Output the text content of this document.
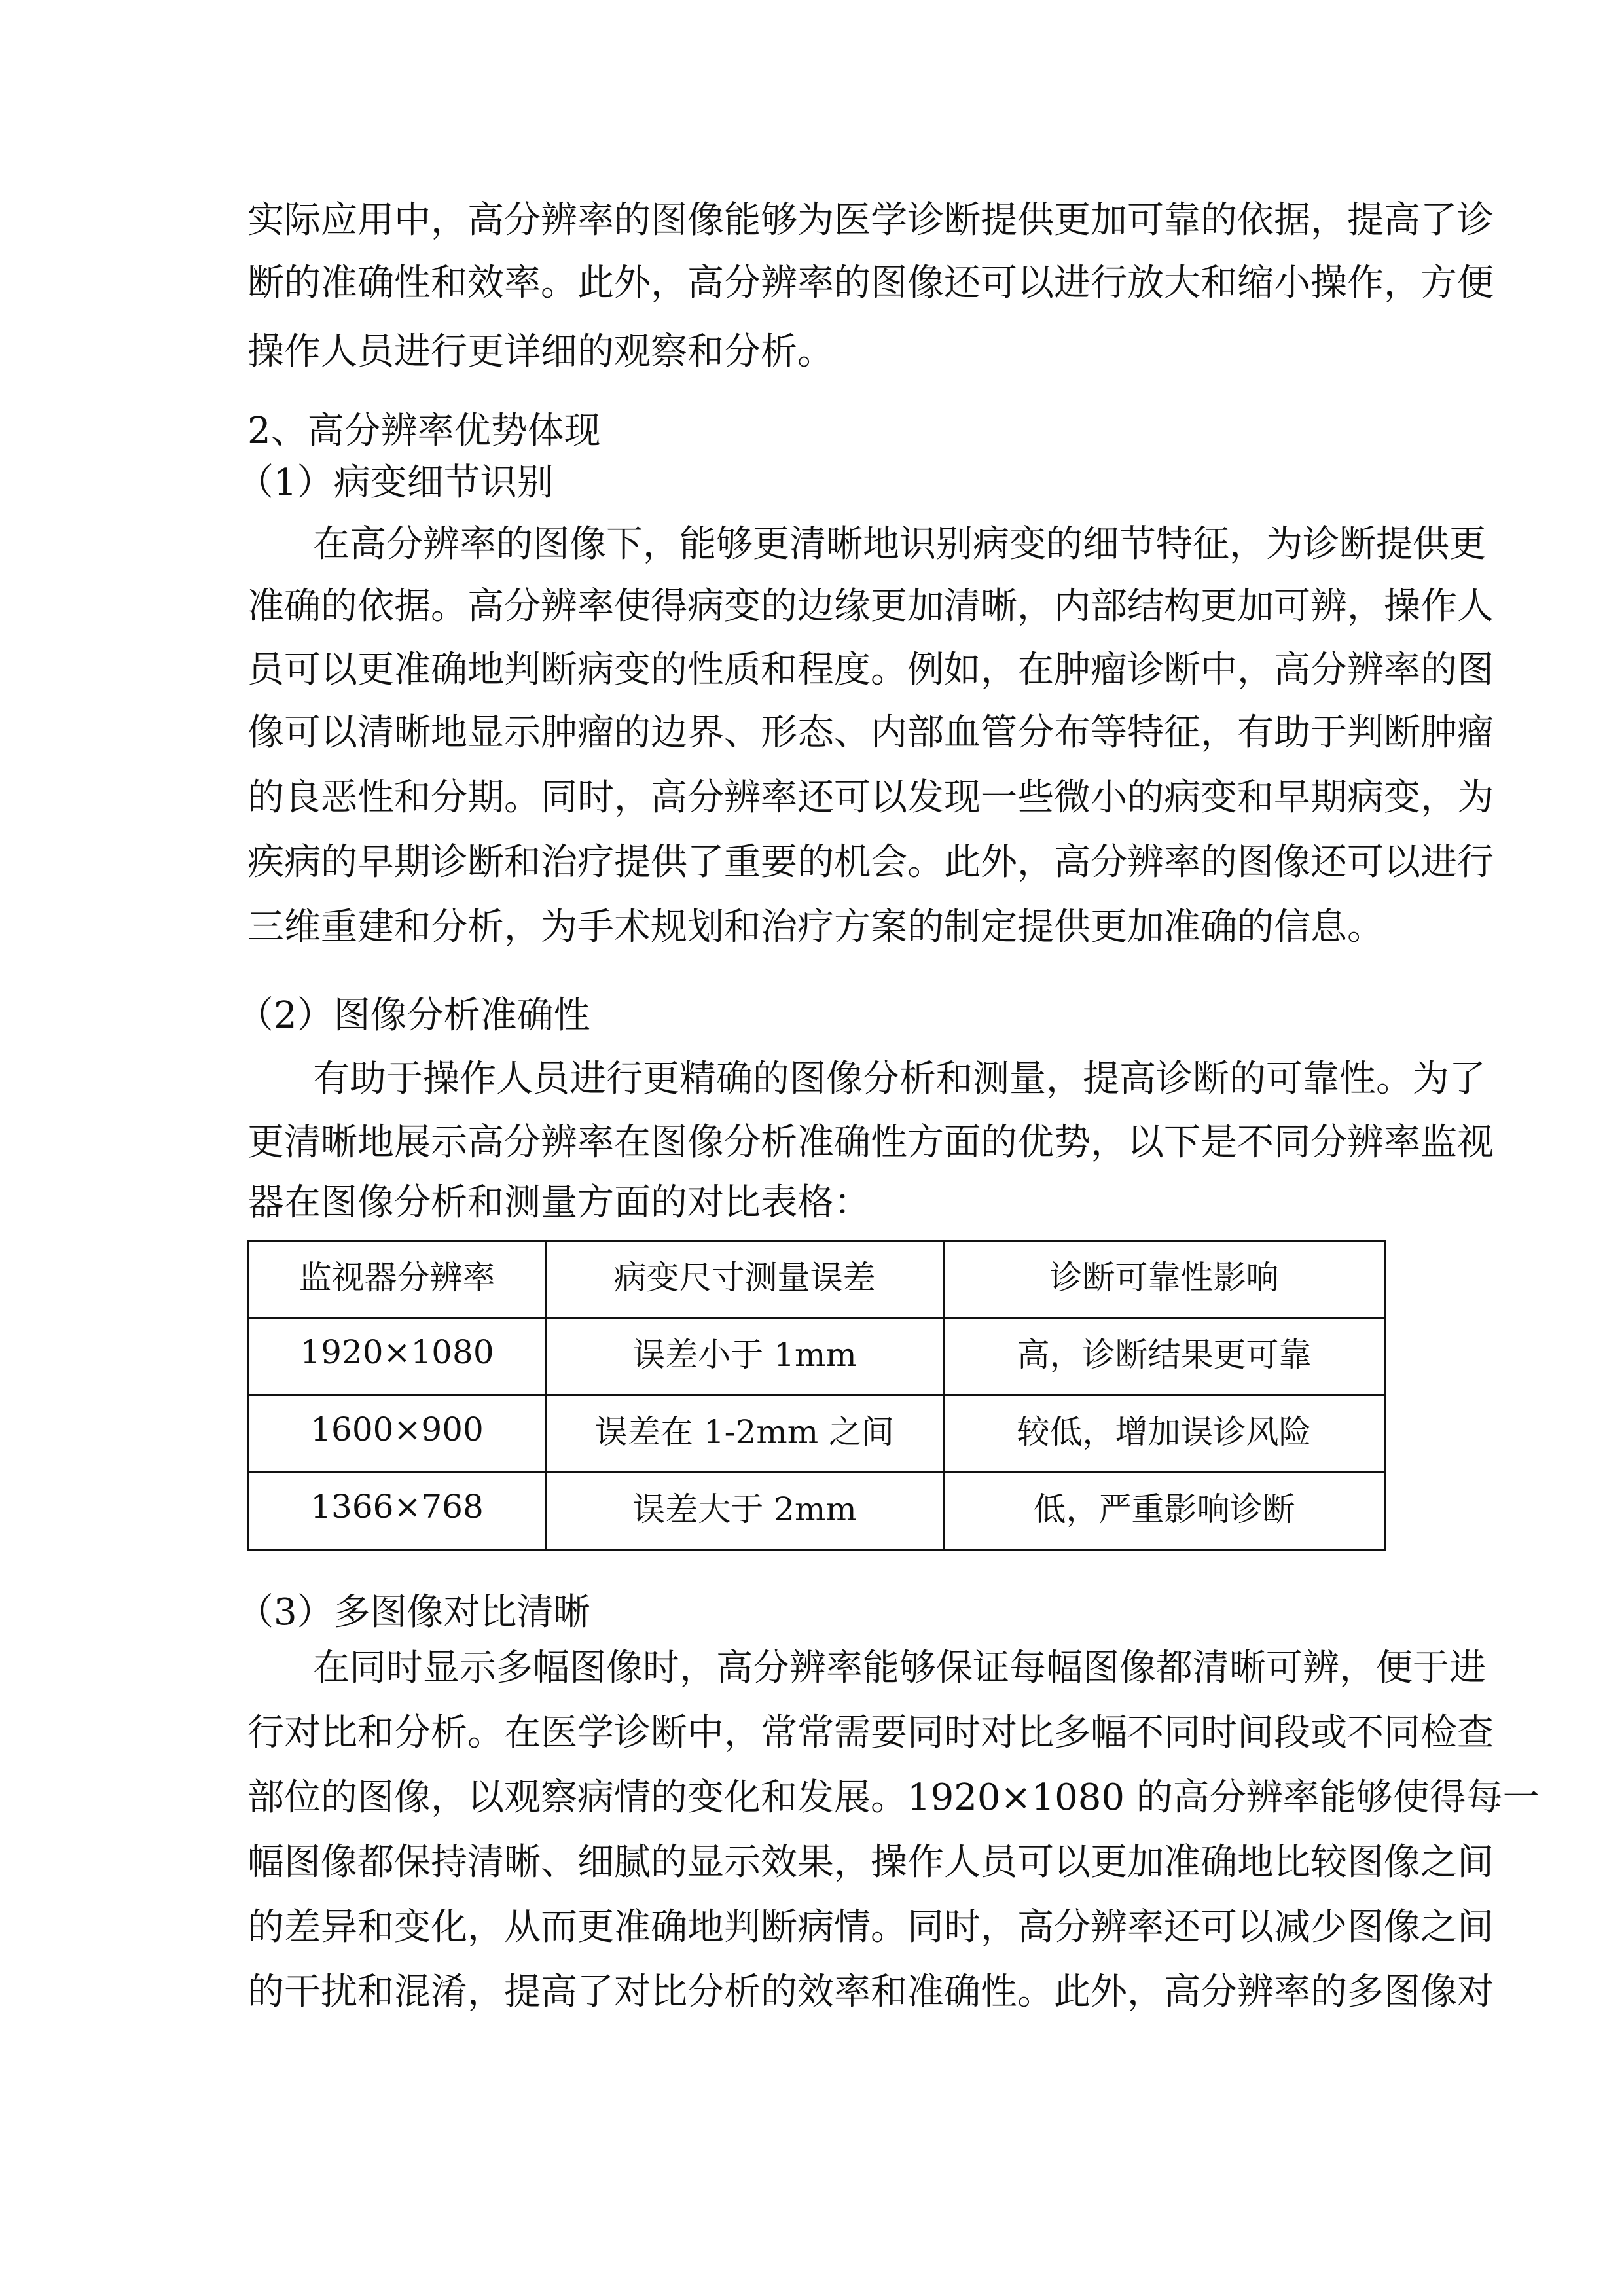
实际应用中，高分辨率的图像能够为医学诊断提供更加可靠的依据，提高了诊
断的准确性和效率。此外，高分辨率的图像还可以进行放大和缩小操作，方便
操作人员进行更详细的观察和分析。
2、高分辨率优势体现
（1）病变细节识别
在高分辨率的图像下，能够更清晰地识别病变的细节特征，为诊断提供更
准确的依据。高分辨率使得病变的边缘更加清晰，内部结构更加可辨，操作人
员可以更准确地判断病变的性质和程度。例如，在肿瘤诊断中，高分辨率的图
像可以清晰地显示肿瘤的边界、形态、内部血管分布等特征，有助于判断肿瘤
的良恶性和分期。同时，高分辨率还可以发现一些微小的病变和早期病变，为
疾病的早期诊断和治疗提供了重要的机会。此外，高分辨率的图像还可以进行
三维重建和分析，为手术规划和治疗方案的制定提供更加准确的信息。
（2）图像分析准确性
有助于操作人员进行更精确的图像分析和测量，提高诊断的可靠性。为了
更清晰地展示高分辨率在图像分析准确性方面的优势，以下是不同分辨率监视
器在图像分析和测量方面的对比表格：
监视器分辨率	病变尺寸测量误差	诊断可靠性影响
1920×1080	误差小于 1mm	高，诊断结果更可靠
1600×900	误差在 1-2mm 之间	较低，增加误诊风险
1366×768	误差大于 2mm	低，严重影响诊断
（3）多图像对比清晰
在同时显示多幅图像时，高分辨率能够保证每幅图像都清晰可辨，便于进
行对比和分析。在医学诊断中，常常需要同时对比多幅不同时间段或不同检查
部位的图像，以观察病情的变化和发展。1920×1080 的高分辨率能够使得每一
幅图像都保持清晰、细腻的显示效果，操作人员可以更加准确地比较图像之间
的差异和变化，从而更准确地判断病情。同时，高分辨率还可以减少图像之间
的干扰和混淆，提高了对比分析的效率和准确性。此外，高分辨率的多图像对
